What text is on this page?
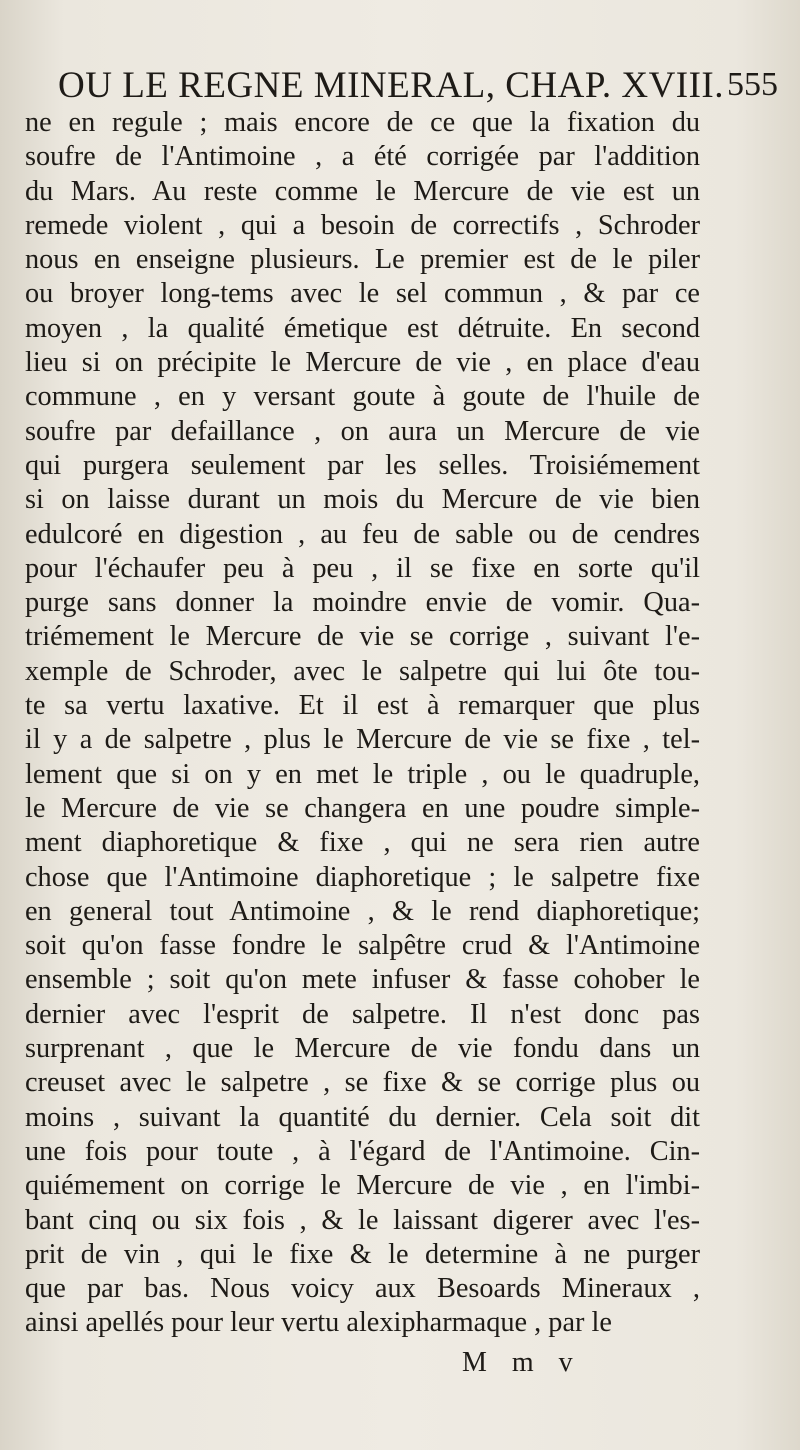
OU LE REGNE MINERAL, CHAP. XVIII. 555
ne en regule ; mais encore de ce que la fixation du
soufre de l'Antimoine , a été corrigée par l'addition
du Mars. Au reste comme le Mercure de vie est un
remede violent , qui a besoin de correctifs , Schroder
nous en enseigne plusieurs. Le premier est de le piler
ou broyer long-tems avec le sel commun , & par ce
moyen , la qualité émetique est détruite. En second
lieu si on précipite le Mercure de vie , en place d'eau
commune , en y versant goute à goute de l'huile de
soufre par defaillance , on aura un Mercure de vie
qui purgera seulement par les selles. Troisiémement
si on laisse durant un mois du Mercure de vie bien
edulcoré en digestion , au feu de sable ou de cendres
pour l'échaufer peu à peu , il se fixe en sorte qu'il
purge sans donner la moindre envie de vomir. Qua-
triémement le Mercure de vie se corrige , suivant l'e-
xemple de Schroder, avec le salpetre qui lui ôte tou-
te sa vertu laxative. Et il est à remarquer que plus
il y a de salpetre , plus le Mercure de vie se fixe , tel-
lement que si on y en met le triple , ou le quadruple,
le Mercure de vie se changera en une poudre simple-
ment diaphoretique & fixe , qui ne sera rien autre
chose que l'Antimoine diaphoretique ; le salpetre fixe
en general tout Antimoine , & le rend diaphoretique;
soit qu'on fasse fondre le salpêtre crud & l'Antimoine
ensemble ; soit qu'on mete infuser & fasse cohober le
dernier avec l'esprit de salpetre. Il n'est donc pas
surprenant , que le Mercure de vie fondu dans un
creuset avec le salpetre , se fixe & se corrige plus ou
moins , suivant la quantité du dernier. Cela soit dit
une fois pour toute , à l'égard de l'Antimoine. Cin-
quiémement on corrige le Mercure de vie , en l'imbi-
bant cinq ou six fois , & le laissant digerer avec l'es-
prit de vin , qui le fixe & le determine à ne purger
que par bas. Nous voicy aux Besoards Mineraux ,
ainsi apellés pour leur vertu alexipharmaque , par le
M m v
